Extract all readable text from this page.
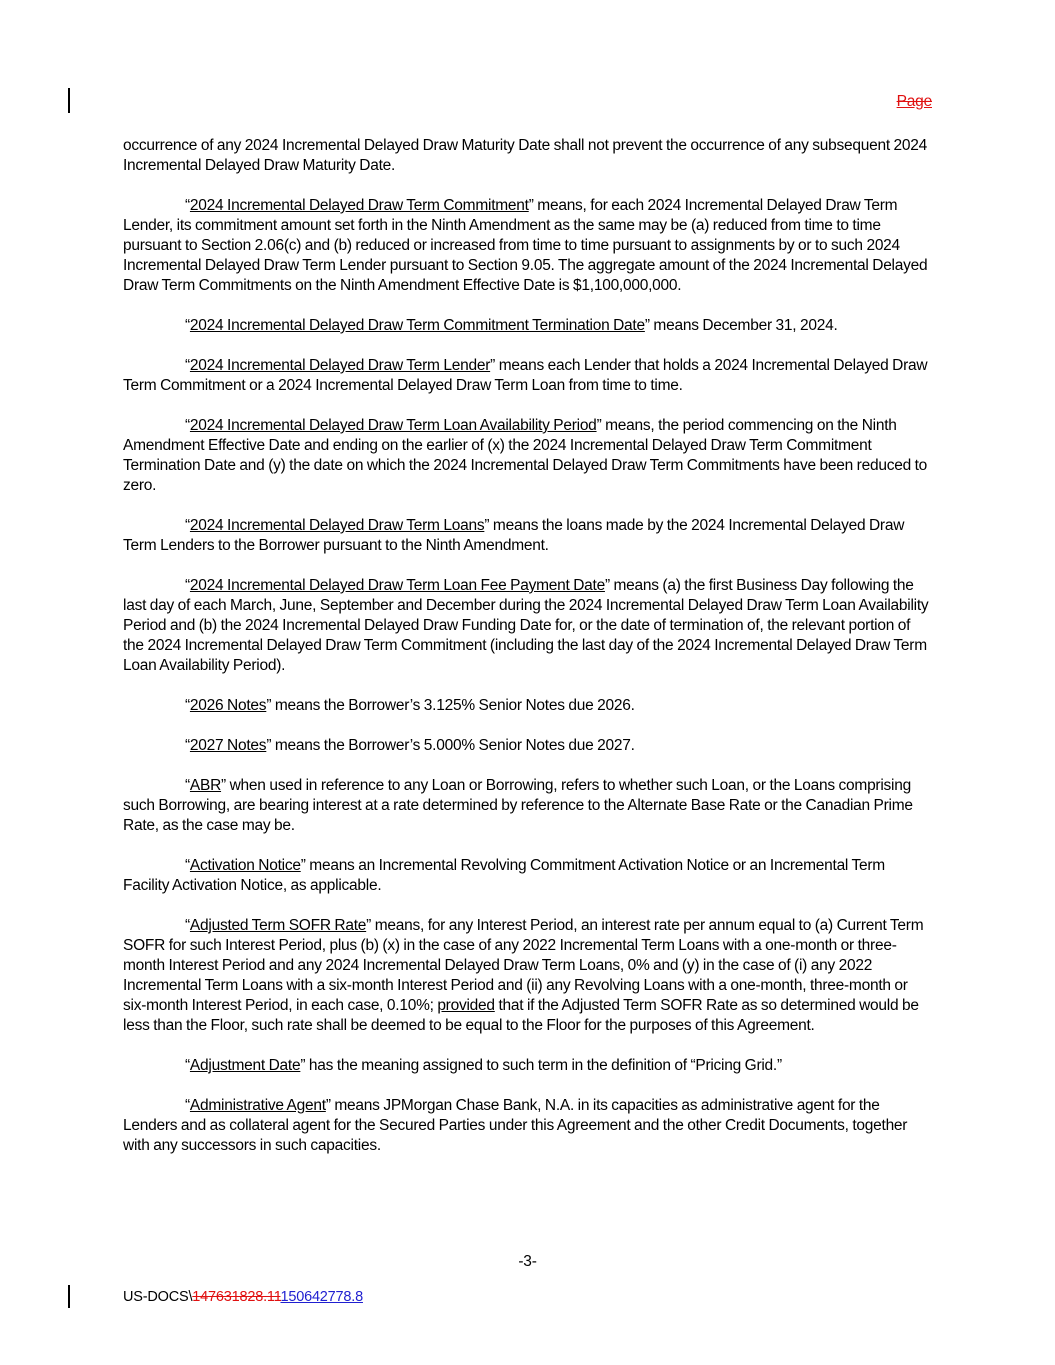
Page

occurrence of any 2024 Incremental Delayed Draw Maturity Date shall not prevent the occurrence of any subsequent 2024 Incremental Delayed Draw Maturity Date.

“2024 Incremental Delayed Draw Term Commitment” means, for each 2024 Incremental Delayed Draw Term Lender, its commitment amount set forth in the Ninth Amendment as the same may be (a) reduced from time to time pursuant to Section 2.06(c) and (b) reduced or increased from time to time pursuant to assignments by or to such 2024 Incremental Delayed Draw Term Lender pursuant to Section 9.05. The aggregate amount of the 2024 Incremental Delayed Draw Term Commitments on the Ninth Amendment Effective Date is $1,100,000,000.

“2024 Incremental Delayed Draw Term Commitment Termination Date” means December 31, 2024.

“2024 Incremental Delayed Draw Term Lender” means each Lender that holds a 2024 Incremental Delayed Draw Term Commitment or a 2024 Incremental Delayed Draw Term Loan from time to time.

“2024 Incremental Delayed Draw Term Loan Availability Period” means, the period commencing on the Ninth Amendment Effective Date and ending on the earlier of (x) the 2024 Incremental Delayed Draw Term Commitment Termination Date and (y) the date on which the 2024 Incremental Delayed Draw Term Commitments have been reduced to zero.

“2024 Incremental Delayed Draw Term Loans” means the loans made by the 2024 Incremental Delayed Draw Term Lenders to the Borrower pursuant to the Ninth Amendment.

“2024 Incremental Delayed Draw Term Loan Fee Payment Date” means (a) the first Business Day following the last day of each March, June, September and December during the 2024 Incremental Delayed Draw Term Loan Availability Period and (b) the 2024 Incremental Delayed Draw Funding Date for, or the date of termination of, the relevant portion of the 2024 Incremental Delayed Draw Term Commitment (including the last day of the 2024 Incremental Delayed Draw Term Loan Availability Period).

“2026 Notes” means the Borrower’s 3.125% Senior Notes due 2026.

“2027 Notes” means the Borrower’s 5.000% Senior Notes due 2027.

“ABR” when used in reference to any Loan or Borrowing, refers to whether such Loan, or the Loans comprising such Borrowing, are bearing interest at a rate determined by reference to the Alternate Base Rate or the Canadian Prime Rate, as the case may be.

“Activation Notice” means an Incremental Revolving Commitment Activation Notice or an Incremental Term Facility Activation Notice, as applicable.

“Adjusted Term SOFR Rate” means, for any Interest Period, an interest rate per annum equal to (a) Current Term SOFR for such Interest Period, plus (b) (x) in the case of any 2022 Incremental Term Loans with a one-month or three-month Interest Period and any 2024 Incremental Delayed Draw Term Loans, 0% and (y) in the case of (i) any 2022 Incremental Term Loans with a six-month Interest Period and (ii) any Revolving Loans with a one-month, three-month or six-month Interest Period, in each case, 0.10%; provided that if the Adjusted Term SOFR Rate as so determined would be less than the Floor, such rate shall be deemed to be equal to the Floor for the purposes of this Agreement.

“Adjustment Date” has the meaning assigned to such term in the definition of “Pricing Grid.”

“Administrative Agent” means JPMorgan Chase Bank, N.A. in its capacities as administrative agent for the Lenders and as collateral agent for the Secured Parties under this Agreement and the other Credit Documents, together with any successors in such capacities.

-3-
US-DOCS\147631828.11150642778.8
